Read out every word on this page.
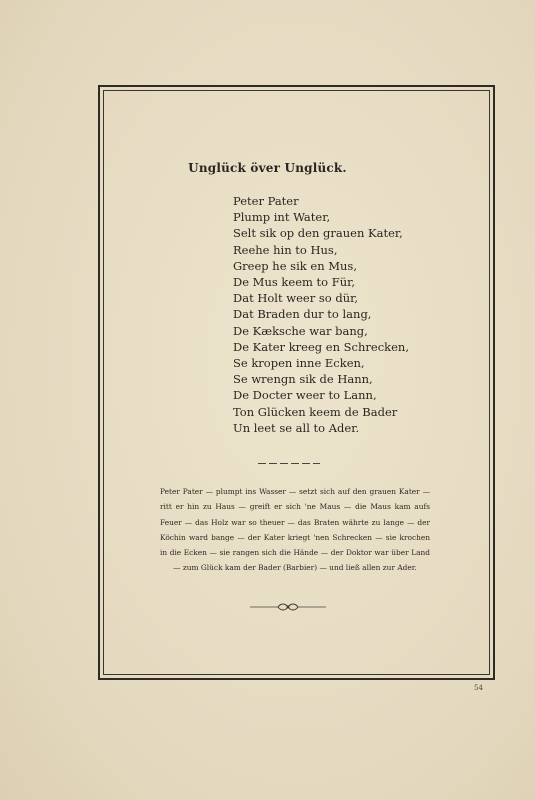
Unglück över Unglück.
Peter Pater
Plump int Water,
Selt sik op den grauen Kater,
Reehe hin to Hus,
Greep he sik en Mus,
De Mus keem to Für,
Dat Holt weer so dür,
Dat Braden dur to lang,
De Kæksche war bang,
De Kater kreeg en Schrecken,
Se kropen inne Ecken,
Se wrengn sik de Hann,
De Docter weer to Lann,
Ton Glücken keem de Bader
Un leet se all to Ader.
Peter Pater — plumpt ins Wasser — setzt sich auf den grauen Kater — ritt er hin zu Haus — greift er sich 'ne Maus — die Maus kam aufs Feuer — das Holz war so theuer — das Braten währte zu lange — der Köchin ward bange — der Kater kriegt 'nen Schrecken — sie krochen in die Ecken — sie rangen sich die Hände — der Doktor war über Land — zum Glück kam der Bader (Barbier) — und ließ allen zur Ader.
54
